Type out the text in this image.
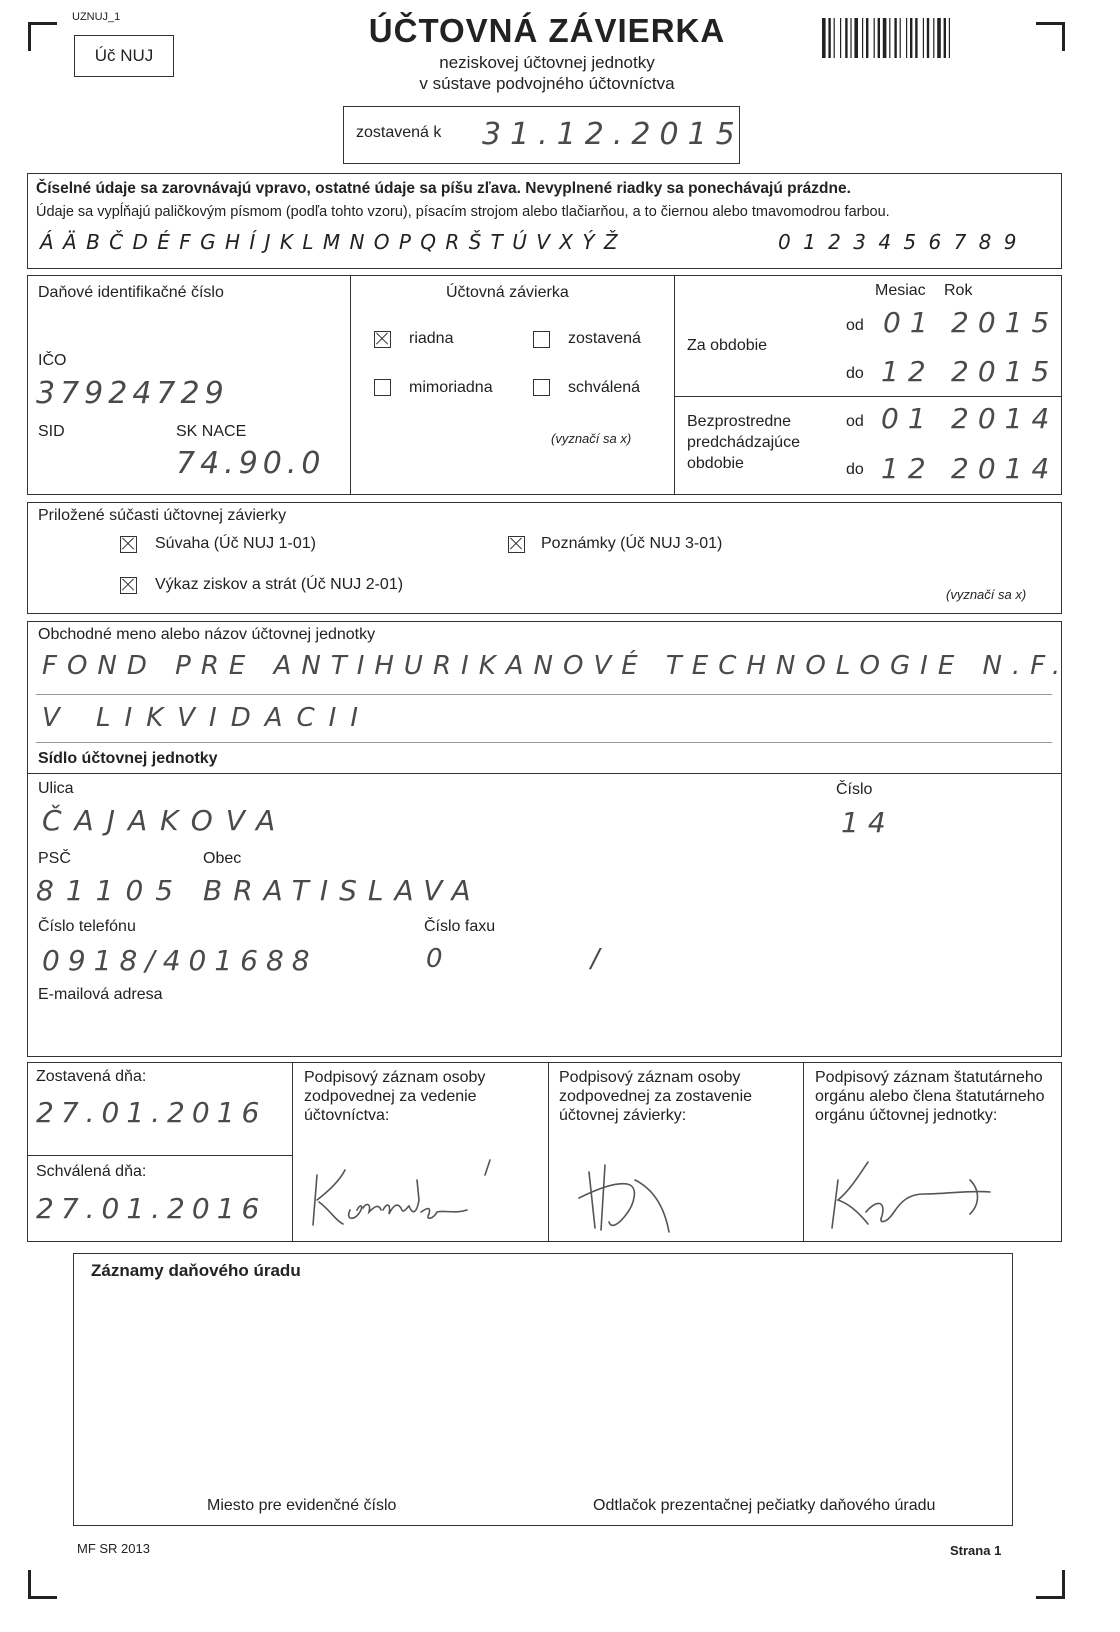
UZNUJ_1
Úč NUJ
ÚČTOVNÁ ZÁVIERKA
neziskovej účtovnej jednotky
v sústave podvojného účtovníctva
zostavená k 31.12.2015
Číselné údaje sa zarovnávajú vpravo, ostatné údaje sa píšu zľava. Nevyplnené riadky sa ponechávajú prázdne.
Údaje sa vypĺňajú paličkovým písmom (podľa tohto vzoru), písacím strojom alebo tlačiarňou, a to čiernou alebo tmavomodrou farbou.
Á Ä B Č D É F G H Í J K L M N O P Q R Š T Ú V X Ý Ž	0 1 2 3 4 5 6 7 8 9
Daňové identifikačné číslo
IČO
37924729
SID	SK NACE
74.90.0
Účtovná závierka
riadna	zostavená
mimoriadna	schválená
(vyznačí sa x)
Mesiac Rok
Za obdobie
od 01 2015
do 12 2015
Bezprostredne
predchádzajúce
obdobie
od 01 2014
do 12 2014
Priložené súčasti účtovnej závierky
Súvaha (Úč NUJ 1-01)	Poznámky (Úč NUJ 3-01)
Výkaz ziskov a strát (Úč NUJ 2-01)
(vyznačí sa x)
Obchodné meno alebo názov účtovnej jednotky
FOND PRE ANTIHURIKANOVÉ TECHNOLOGIE N.F.
V LIKVIDACII
Sídlo účtovnej jednotky
Ulica
ČAJAKOVA
Číslo
14
PSČ	Obec
81105 BRATISLAVA
Číslo telefónu	Číslo faxu
0918/401688	0 /
E-mailová adresa
Zostavená dňa:
27.01.2016
Schválená dňa:
27.01.2016
Podpisový záznam osoby zodpovednej za vedenie účtovníctva:
Podpisový záznam osoby zodpovednej za zostavenie účtovnej závierky:
Podpisový záznam štatutárneho orgánu alebo člena štatutárneho orgánu účtovnej jednotky:
Záznamy daňového úradu
Miesto pre evidenčné číslo	Odtlačok prezentačnej pečiatky daňového úradu
MF SR 2013	Strana 1
